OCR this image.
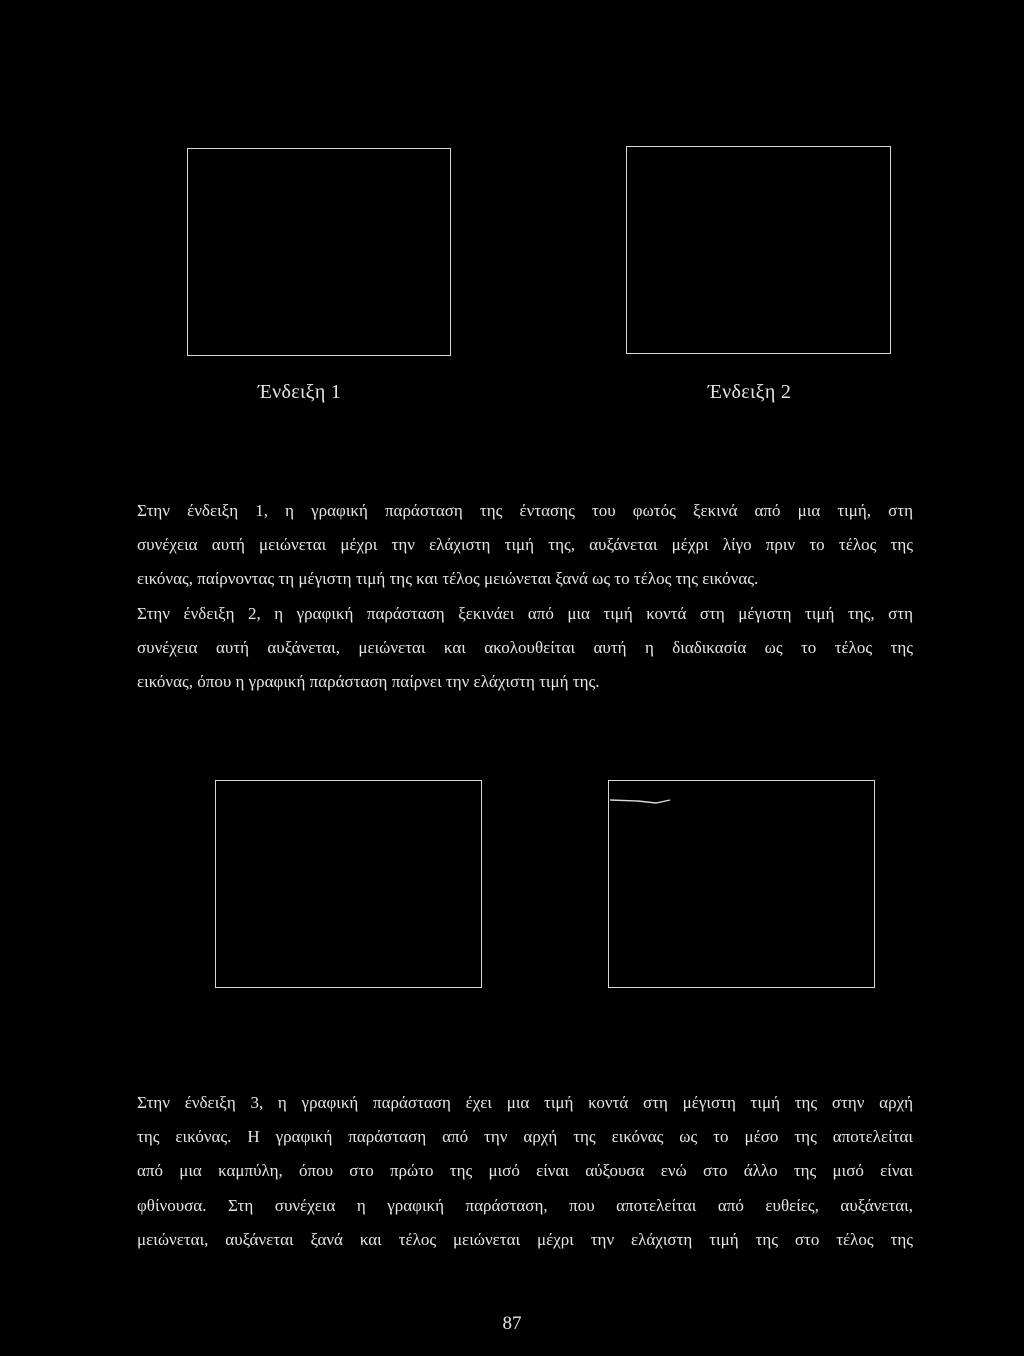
Ένδειξη 1	Ένδειξη 2
Στην ένδειξη 1, η γραφική παράσταση της έντασης του φωτός ξεκινά από μια τιμή, στη
συνέχεια αυτή μειώνεται μέχρι την ελάχιστη τιμή της, αυξάνεται μέχρι λίγο πριν το τέλος της
εικόνας, παίρνοντας τη μέγιστη τιμή της και τέλος μειώνεται ξανά ως το τέλος της εικόνας.
Στην ένδειξη 2, η γραφική παράσταση ξεκινάει από μια τιμή κοντά στη μέγιστη τιμή της, στη
συνέχεια αυτή αυξάνεται, μειώνεται και ακολουθείται αυτή η διαδικασία ως το τέλος της
εικόνας, όπου η γραφική παράσταση παίρνει την ελάχιστη τιμή της.
Στην ένδειξη 3, η γραφική παράσταση έχει μια τιμή κοντά στη μέγιστη τιμή της στην αρχή
της εικόνας. Η γραφική παράσταση από την αρχή της εικόνας ως το μέσο της αποτελείται
από μια καμπύλη, όπου στο πρώτο της μισό είναι αύξουσα ενώ στο άλλο της μισό είναι
φθίνουσα. Στη συνέχεια η γραφική παράσταση, που αποτελείται από ευθείες, αυξάνεται,
μειώνεται, αυξάνεται ξανά και τέλος μειώνεται μέχρι την ελάχιστη τιμή της στο τέλος της
87
